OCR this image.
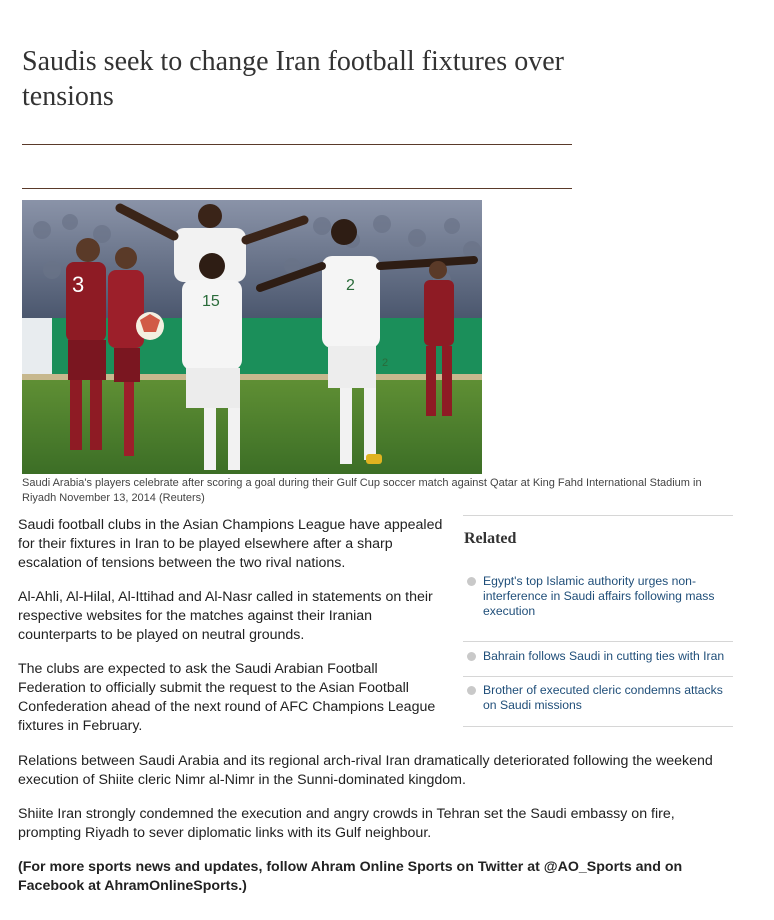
Saudis seek to change Iran football fixtures over tensions
3
15
2
2

Saudi Arabia's players celebrate after scoring a goal during their Gulf Cup soccer match against Qatar at King Fahd International Stadium in Riyadh November 13, 2014 (Reuters)

Saudi football clubs in the Asian Champions League have appealed for their fixtures in Iran to be played elsewhere after a sharp escalation of tensions between the two rival nations.

Al-Ahli, Al-Hilal, Al-Ittihad and Al-Nasr called in statements on their respective websites for the matches against their Iranian counterparts to be played on neutral grounds.

The clubs are expected to ask the Saudi Arabian Football Federation to officially submit the request to the Asian Football Confederation ahead of the next round of AFC Champions League fixtures in February.

Relations between Saudi Arabia and its regional arch-rival Iran dramatically deteriorated following the weekend execution of Shiite cleric Nimr al-Nimr in the Sunni-dominated kingdom.

Shiite Iran strongly condemned the execution and angry crowds in Tehran set the Saudi embassy on fire, prompting Riyadh to sever diplomatic links with its Gulf neighbour.

(For more sports news and updates, follow Ahram Online Sports on Twitter at @AO_Sports and on Facebook at AhramOnlineSports.)

Related
Egypt's top Islamic authority urges non-interference in Saudi affairs following mass execution
Bahrain follows Saudi in cutting ties with Iran
Brother of executed cleric condemns attacks on Saudi missions
